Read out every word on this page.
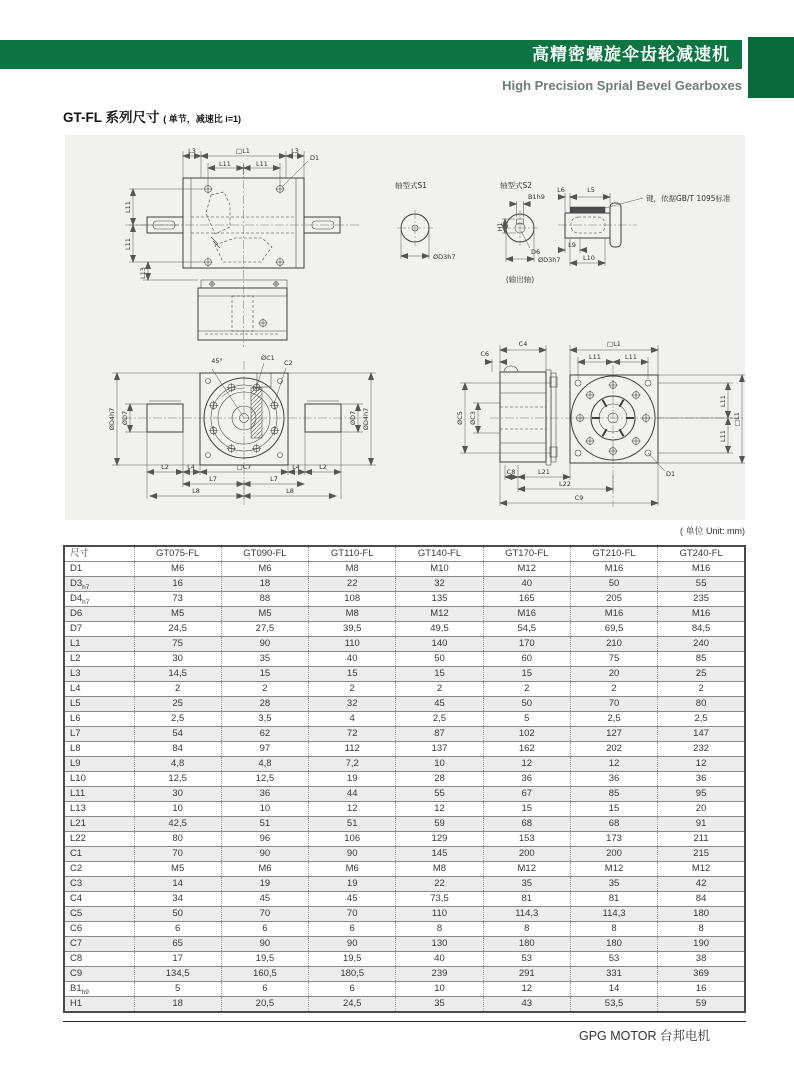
高精密螺旋伞齿轮减速机
High Precision Sprial Bevel Gearboxes
GT-FL 系列尺寸 ( 单节，减速比 i=1)
L3	□L1	L3
L11	L11
D1
L11
L11
L13
轴型式S1
ØD3h7
轴型式S2
B1h9
H1
D6
ØD3h7
(输出轴)
L6	L5
键，依据GB/T 1095标准
L9
L10
45°	ØC1
C2
ØD4h7 ØD7	ØD7 ØD4h7
L2	L4	□C7	L4	L2
L7	L7
L8	L8
C4
C6
□L1
L11	L11
ØC5 ØC3
L11
L11
□L1
C8	L21
L22
C9
D1
( 单位 Unit: mm)
尺寸	GT075-FL	GT090-FL	GT110-FL	GT140-FL	GT170-FL	GT210-FL	GT240-FL
D1	M6	M6	M8	M10	M12	M16	M16
$D3_{h7}$	16	18	22	32	40	50	55
$D4_{h7}$	73	88	108	135	165	205	235
D6	M5	M5	M8	M12	M16	M16	M16
D7	24,5	27,5	39,5	49,5	54,5	69,5	84,5
L1	75	90	110	140	170	210	240
L2	30	35	40	50	60	75	85
L3	14,5	15	15	15	15	20	25
L4	2	2	2	2	2	2	2
L5	25	28	32	45	50	70	80
L6	2,5	3,5	4	2,5	5	2,5	2,5
L7	54	62	72	87	102	127	147
L8	84	97	112	137	162	202	232
L9	4,8	4,8	7,2	10	12	12	12
L10	12,5	12,5	19	28	36	36	36
L11	30	36	44	55	67	85	95
L13	10	10	12	12	15	15	20
L21	42,5	51	51	59	68	68	91
L22	80	96	106	129	153	173	211
C1	70	90	90	145	200	200	215
C2	M5	M6	M6	M8	M12	M12	M12
C3	14	19	19	22	35	35	42
C4	34	45	45	73,5	81	81	84
C5	50	70	70	110	114,3	114,3	180
C6	6	6	6	8	8	8	8
C7	65	90	90	130	180	180	190
C8	17	19,5	19,5	40	53	53	38
C9	134,5	160,5	180,5	239	291	331	369
$B1_{h9}$	5	6	6	10	12	14	16
H1	18	20,5	24,5	35	43	53,5	59
GPG MOTOR 台邦电机
